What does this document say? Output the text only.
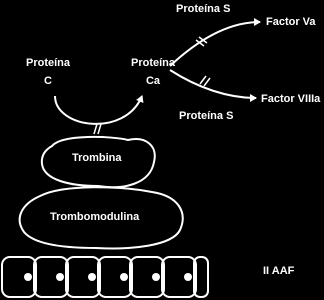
Proteína
C
Proteína
Ca
Proteína S
Factor Va
Factor VIIIa
Proteína S
Trombina
Trombomodulina
II AAF
